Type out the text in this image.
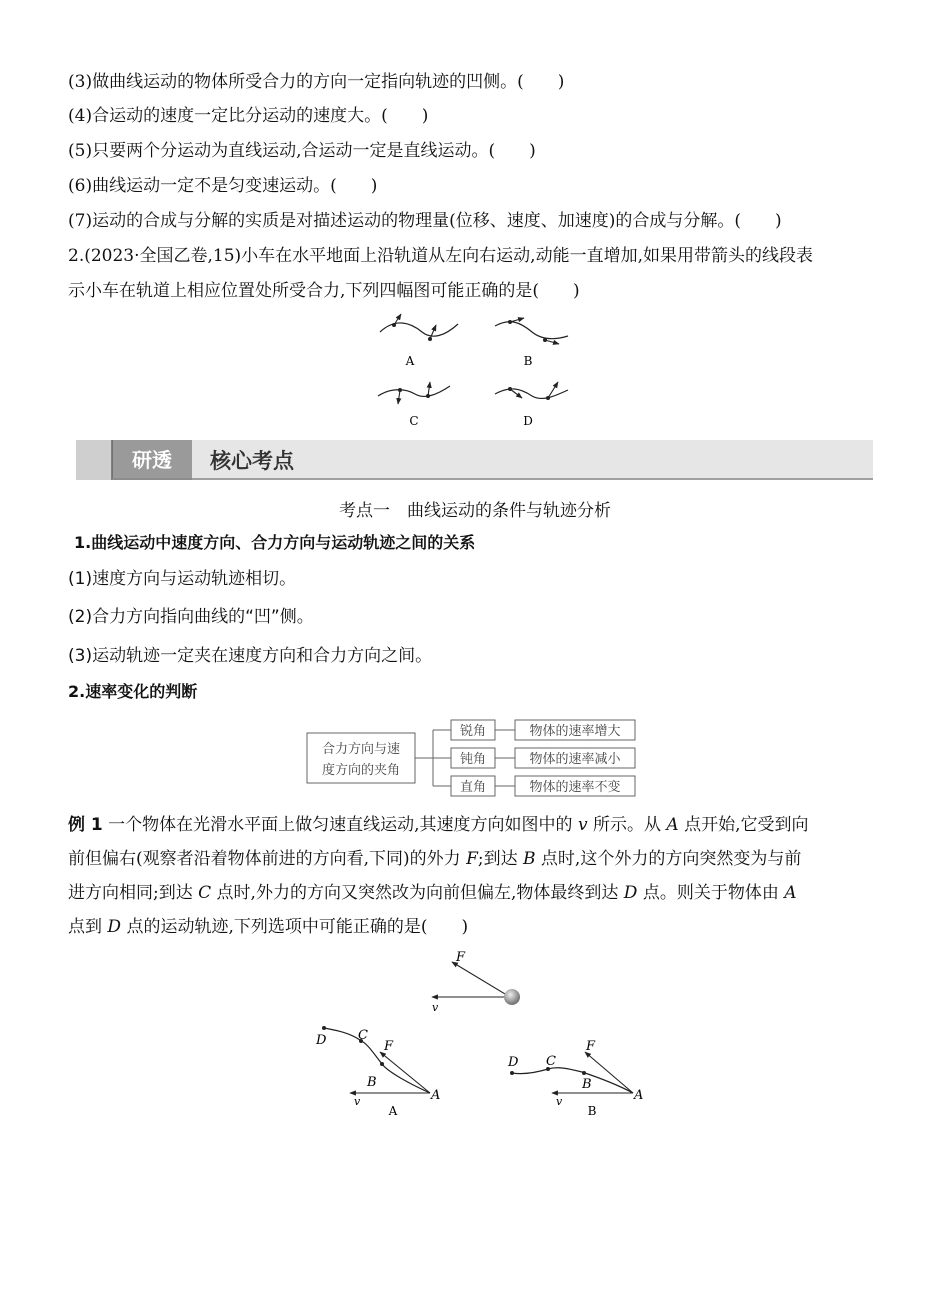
(3)做曲线运动的物体所受合力的方向一定指向轨迹的凹侧。(　　)
(4)合运动的速度一定比分运动的速度大。(　　)
(5)只要两个分运动为直线运动,合运动一定是直线运动。(　　)
(6)曲线运动一定不是匀变速运动。(　　)
(7)运动的合成与分解的实质是对描述运动的物理量(位移、速度、加速度)的合成与分解。(　　)
2.(2023·全国乙卷,15)小车在水平地面上沿轨道从左向右运动,动能一直增加,如果用带箭头的线段表
示小车在轨道上相应位置处所受合力,下列四幅图可能正确的是(　　)
A	B
C	D
研透 核心考点
考点一　曲线运动的条件与轨迹分析
1.曲线运动中速度方向、合力方向与运动轨迹之间的关系
(1)速度方向与运动轨迹相切。
(2)合力方向指向曲线的“凹”侧。
(3)运动轨迹一定夹在速度方向和合力方向之间。
2.速率变化的判断
合力方向与速
度方向的夹角
锐角	物体的速率增大
钝角	物体的速率减小
直角	物体的速率不变
例 1 一个物体在光滑水平面上做匀速直线运动,其速度方向如图中的 v 所示。从 A 点开始,它受到向
前但偏右(观察者沿着物体前进的方向看,下同)的外力 F;到达 B 点时,这个外力的方向突然变为与前
进方向相同;到达 C 点时,外力的方向又突然改为向前但偏左,物体最终到达 D 点。则关于物体由 A
点到 D 点的运动轨迹,下列选项中可能正确的是(　　)
F
v
D C
F
B
A
v
A
D C
F
B
A
v
B
